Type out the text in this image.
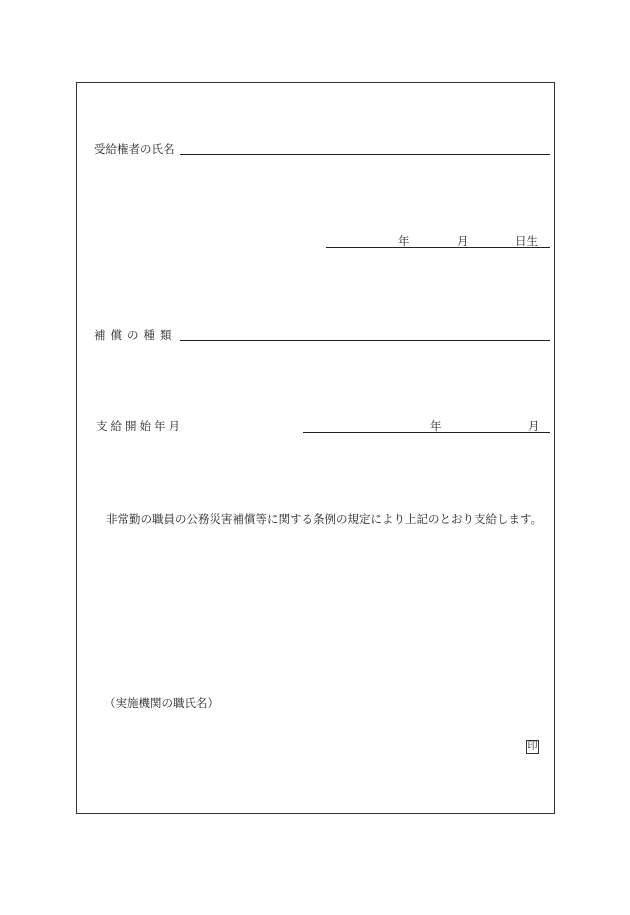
受給権者の氏名
年	月	日生
補償の種類
支給開始年月	年	月
非常勤の職員の公務災害補償等に関する条例の規定により上記のとおり支給します。
（実施機関の職氏名）
印
